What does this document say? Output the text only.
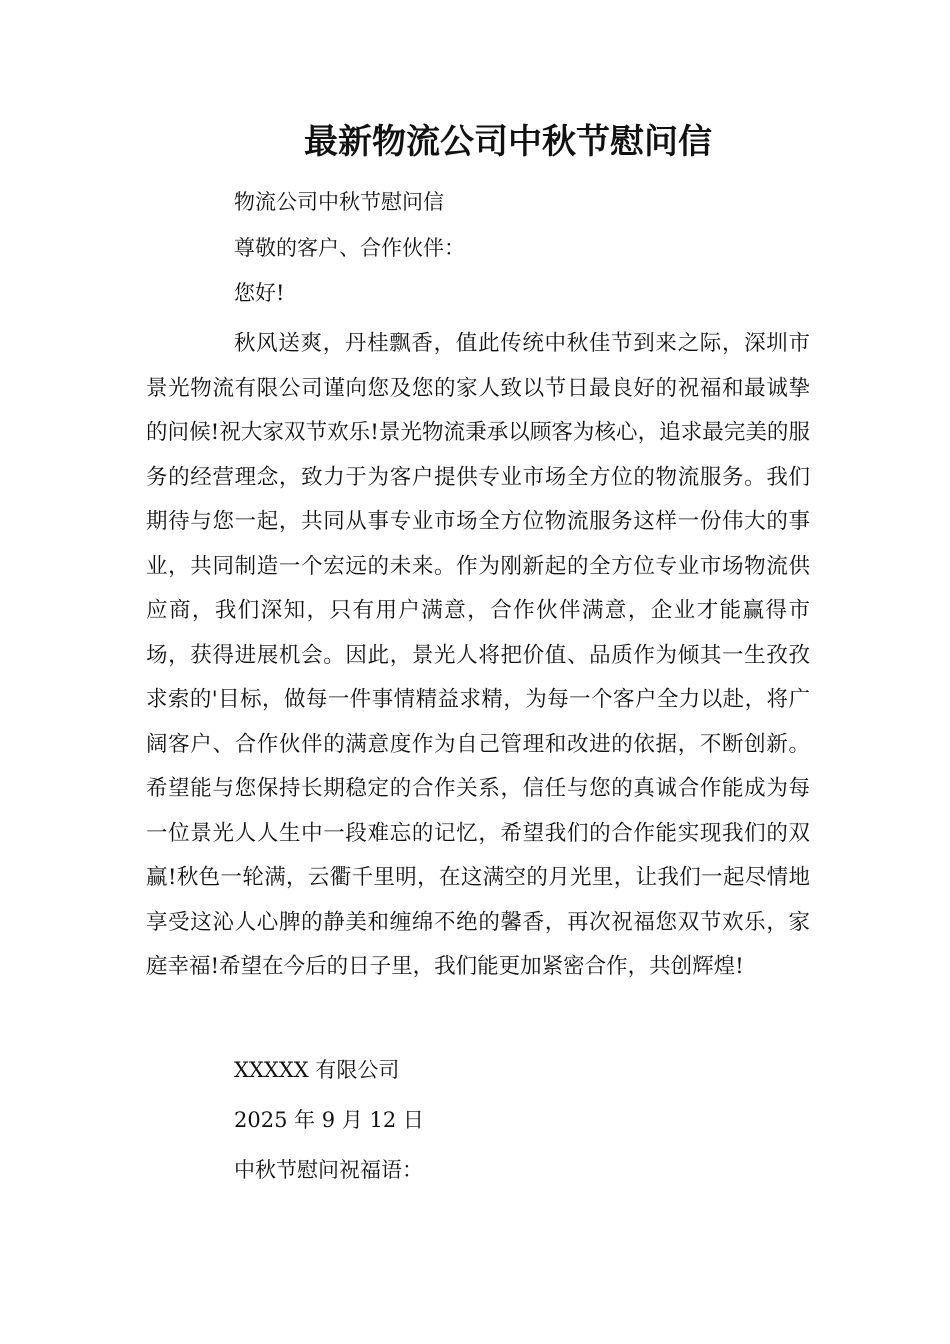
最新物流公司中秋节慰问信
物流公司中秋节慰问信
尊敬的客户、合作伙伴：
您好!
秋风送爽，丹桂飘香，值此传统中秋佳节到来之际，深圳市景光物流有限公司谨向您及您的家人致以节日最良好的祝福和最诚挚的问候!祝大家双节欢乐!景光物流秉承以顾客为核心，追求最完美的服务的经营理念，致力于为客户提供专业市场全方位的物流服务。我们期待与您一起，共同从事专业市场全方位物流服务这样一份伟大的事业，共同制造一个宏远的未来。作为刚新起的全方位专业市场物流供应商，我们深知，只有用户满意，合作伙伴满意，企业才能赢得市场，获得进展机会。因此，景光人将把价值、品质作为倾其一生孜孜求索的'目标，做每一件事情精益求精，为每一个客户全力以赴，将广阔客户、合作伙伴的满意度作为自己管理和改进的依据，不断创新。希望能与您保持长期稳定的合作关系，信任与您的真诚合作能成为每一位景光人人生中一段难忘的记忆，希望我们的合作能实现我们的双赢!秋色一轮满，云衢千里明，在这满空的月光里，让我们一起尽情地享受这沁人心脾的静美和缠绵不绝的馨香，再次祝福您双节欢乐，家庭幸福!希望在今后的日子里，我们能更加紧密合作，共创辉煌!
XXXXX 有限公司
2025 年 9 月 12 日
中秋节慰问祝福语：
